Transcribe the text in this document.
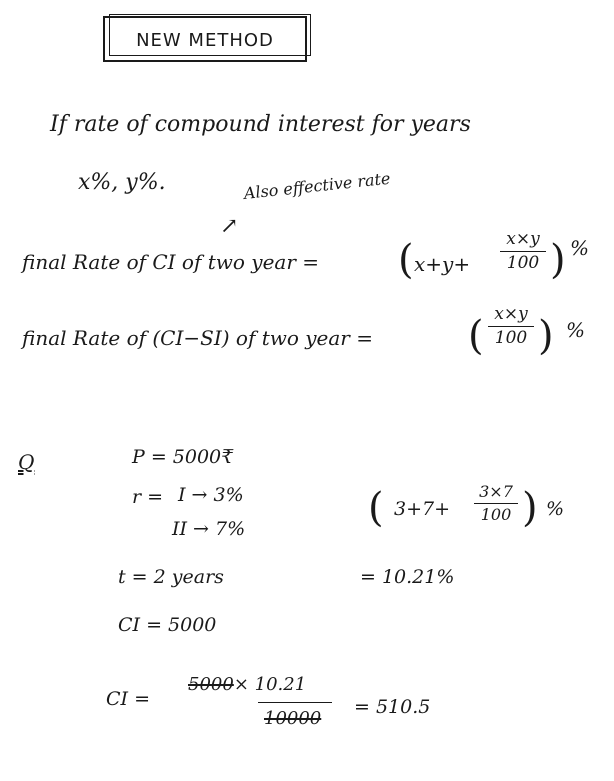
NEW METHOD
If rate of compound interest for years
x%, y%.
↗
Also effective rate
final Rate of CI of two year = ( x+y+
x×y
100 ) %
final Rate of (CI−SI) of two year = ( x×y
100 ) %
Q	P = 5000₹
r = I → 3%
II → 7%
t = 2 years
CI = 5000
( 3+7+
3×7
100 ) %
= 10.21%
CI =
5000× 10.21
10000
= 510.5
